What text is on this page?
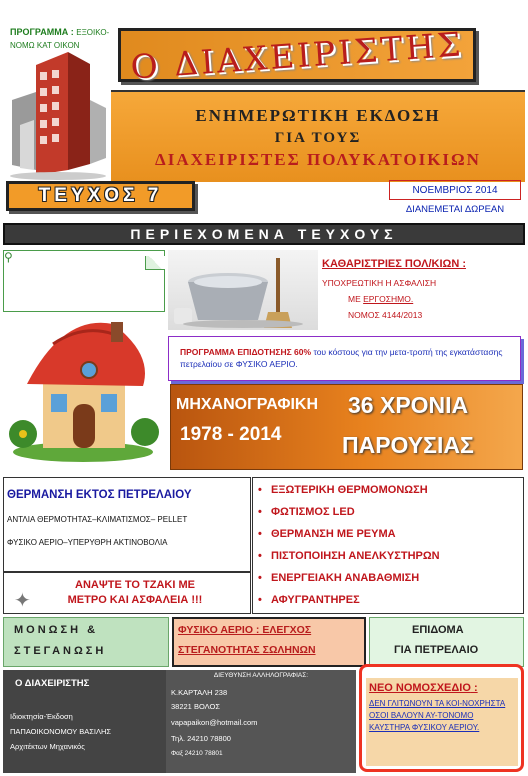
Ο ΔΙΑΧΕΙΡΙΣΤΗΣ
ΕΝΗΜΕΡΩΤΙΚΗ ΕΚΔΟΣΗ
ΓΙΑ ΤΟΥΣ
ΔΙΑΧΕΙΡΙΣΤΕΣ ΠΟΛΥΚΑΤΟΙΚΙΩΝ
ΤΕΥΧΟΣ 7	ΝΟΕΜΒΡΙΟΣ 2014
ΔΙΑΝΕΜΕΤΑΙ ΔΩΡΕΑΝ
ΠΕΡΙΕΧΟΜΕΝΑ ΤΕΥΧΟΥΣ
⚲
ΠΡΟΓΡΑΜΜΑ : ΕΞΟΙΚΟ-
ΝΟΜΩ ΚΑΤ ΟΙΚΟΝ
ΚΑΘΑΡΙΣΤΡΙΕΣ ΠΟΛ/ΚΙΩΝ :
ΥΠΟΧΡΕΩΤΙΚΗ Η ΑΣΦΑΛΙΣΗ
ΜΕ ΕΡΓΟΣΗΜΟ.
ΝΟΜΟΣ 4144/2013
ΠΡΟΓΡΑΜΜΑ ΕΠΙΔΟΤΗΣΗΣ 60% του κόστους για την μετα-τροπή της εγκατάστασης πετρελαίου σε ΦΥΣΙΚΟ ΑΕΡΙΟ.
ΜΗΧΑΝΟΓΡΑΦΙΚΗ 36 ΧΡΟΝΙΑ
1978 - 2014	ΠΑΡΟΥΣΙΑΣ
ΘΕΡΜΑΝΣΗ ΕΚΤΟΣ ΠΕΤΡΕΛΑΙΟΥ
ΑΝΤΛΙΑ ΘΕΡΜΟΤΗΤΑΣ–ΚΛΙΜΑΤΙΣΜΟΣ– PELLET
ΦΥΣΙΚΟ ΑΕΡΙΟ–ΥΠΕΡΥΘΡΗ ΑΚΤΙΝΟΒΟΛΙΑ
✦
ΑΝΑΨΤΕ ΤΟ ΤΖΑΚΙ ΜΕ
ΜΕΤΡΟ ΚΑΙ ΑΣΦΑΛΕΙΑ !!!
•   ΕΞΩΤΕΡΙΚΗ ΘΕΡΜΟΜΟΝΩΣΗ
•   ΦΩΤΙΣΜΟΣ LED
•   ΘΕΡΜΑΝΣΗ ΜΕ ΡΕΥΜΑ
•   ΠΙΣΤΟΠΟΙΗΣΗ ΑΝΕΛΚΥΣΤΗΡΩΝ
•   ΕΝΕΡΓΕΙΑΚΗ ΑΝΑΒΑΘΜΙΣΗ
•   ΑΦΥΓΡΑΝΤΗΡΕΣ
ΜΟΝΩΣΗ &
ΣΤΕΓΑΝΩΣΗ
ΦΥΣΙΚΟ ΑΕΡΙΟ : ΕΛΕΓΧΟΣ
ΣΤΕΓΑΝΟΤΗΤΑΣ ΣΩΛΗΝΩΝ
ΕΠΙΔΟΜΑ
ΓΙΑ ΠΕΤΡΕΛΑΙΟ
Ο ΔΙΑΧΕΙΡΙΣΤΗΣ
Ιδιοκτησία-Έκδοση
ΠΑΠΑΟΙΚΟΝΟΜΟΥ ΒΑΣΙΛΗΣ
Αρχιτέκτων Μηχανικός
ΔΙΕΥΘΥΝΣΗ ΑΛΛΗΛΟΓΡΑΦΙΑΣ:
Κ.ΚΑΡΤΑΛΗ 238
38221 ΒΟΛΟΣ
vapapaikon@hotmail.com
Τηλ. 24210 78800
Φαξ 24210 78801
ΝΕΟ ΝΟΜΟΣΧΕΔΙΟ :
ΔΕΝ ΓΛΙΤΩΝΟΥΝ ΤΑ ΚΟΙ-ΝΟΧΡΗΣΤΑ ΟΣΟΙ ΒΑΛΟΥΝ ΑΥ-ΤΟΝΟΜΟ ΚΑΥΣΤΗΡΑ ΦΥΣΙΚΟΥ ΑΕΡΙΟΥ.
